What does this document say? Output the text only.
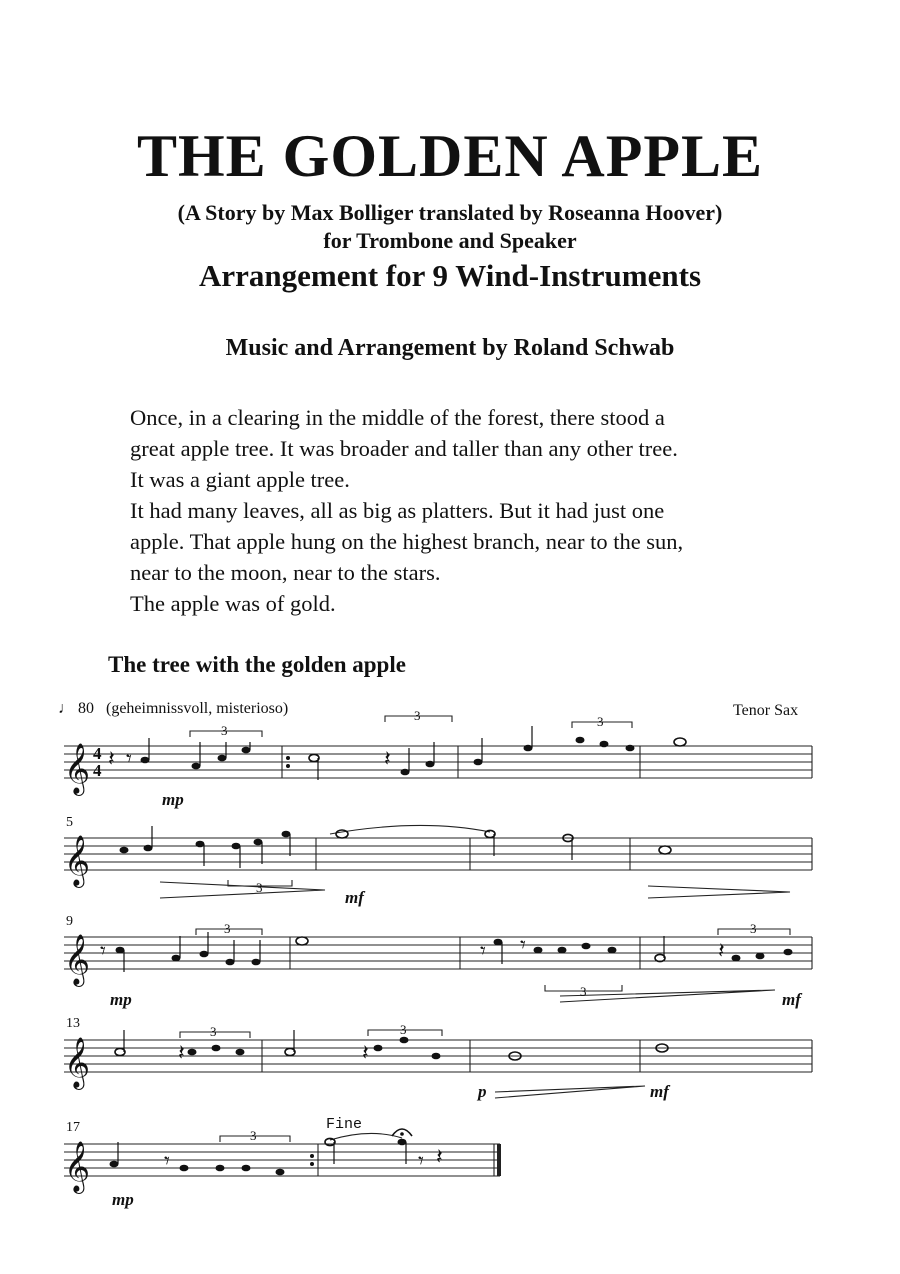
THE GOLDEN APPLE
(A Story by Max Bolliger translated by Roseanna Hoover)
for Trombone and Speaker
Arrangement for 9 Wind-Instruments
Music and Arrangement by Roland Schwab
Once, in a clearing in the middle of the forest, there stood a
great apple tree. It was broader and taller than any other tree.
It was a giant apple tree.
It had many leaves, all as big as platters. But it had just one
apple. That apple hung on the highest branch, near to the sun,
near to the moon, near to the stars.
The apple was of gold.
The tree with the golden apple
♩ 80 (geheimnissvoll, misterioso)	Tenor Sax
5
9
13
17
mp
mf
mp	mf
p	mf
mp
Fine
𝄞
𝄞
𝄞
𝄞
𝄞
4
4 𝄽 𝄾	𝄽
𝄾	𝄾 𝄾	𝄽
𝄽	𝄽
𝄾	𝄾 𝄽
3
3	3
3
3
3
3
3	3
3
